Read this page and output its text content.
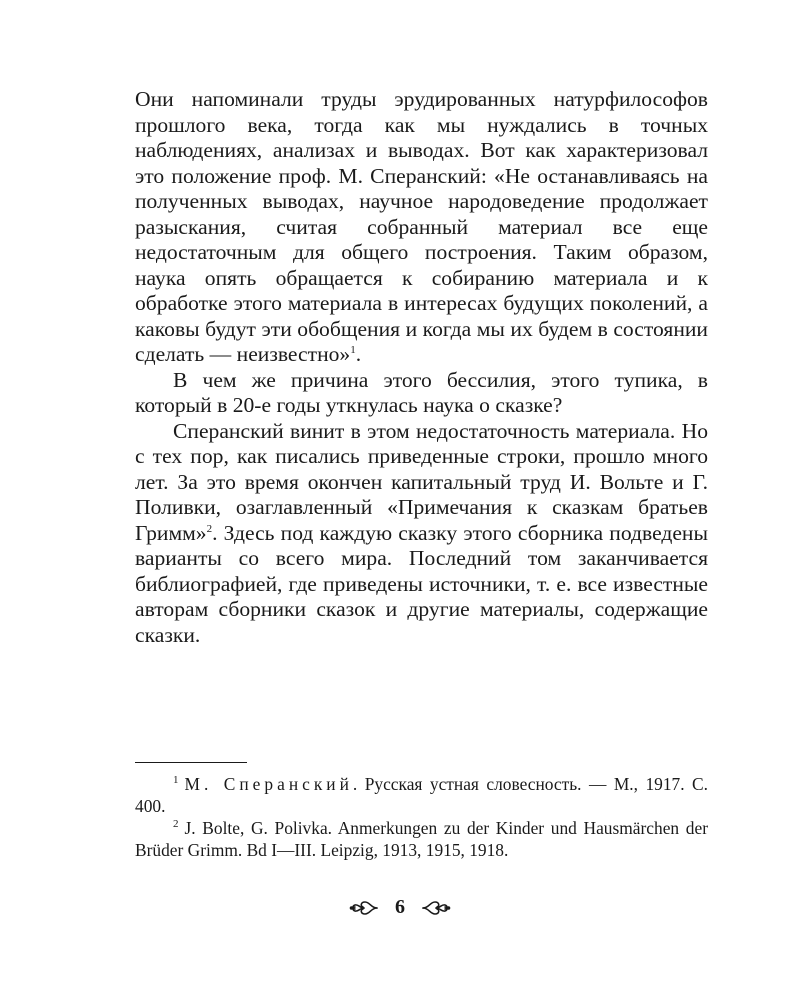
Они напоминали труды эрудированных натурфилософов прошлого века, тогда как мы нуждались в точных наблюдениях, анализах и выводах. Вот как характеризовал это положение проф. М. Сперанский: «Не останавливаясь на полученных выводах, научное народоведение продолжает разыскания, считая собранный материал все еще недостаточным для общего построения. Таким образом, наука опять обращается к собиранию материала и к обработке этого материала в интересах будущих поколений, а каковы будут эти обобщения и когда мы их будем в состоянии сделать — неизвестно»$^1$.

В чем же причина этого бессилия, этого тупика, в который в 20-е годы уткнулась наука о сказке?

Сперанский винит в этом недостаточность материала. Но с тех пор, как писались приведенные строки, прошло много лет. За это время окончен капитальный труд И. Вольте и Г. Поливки, озаглавленный «Примечания к сказкам братьев Гримм»$^2$. Здесь под каждую сказку этого сборника подведены варианты со всего мира. Последний том заканчивается библиографией, где приведены источники, т. е. все известные авторам сборники сказок и другие материалы, содержащие сказки.

$^1$ М. Сперанский. Русская устная словесность. — М., 1917. С. 400.

$^2$ J. Bolte, G. Polivka. Anmerkungen zu der Kinder und Hausmärchen der Brüder Grimm. Bd I—III. Leipzig, 1913, 1915, 1918.

6
